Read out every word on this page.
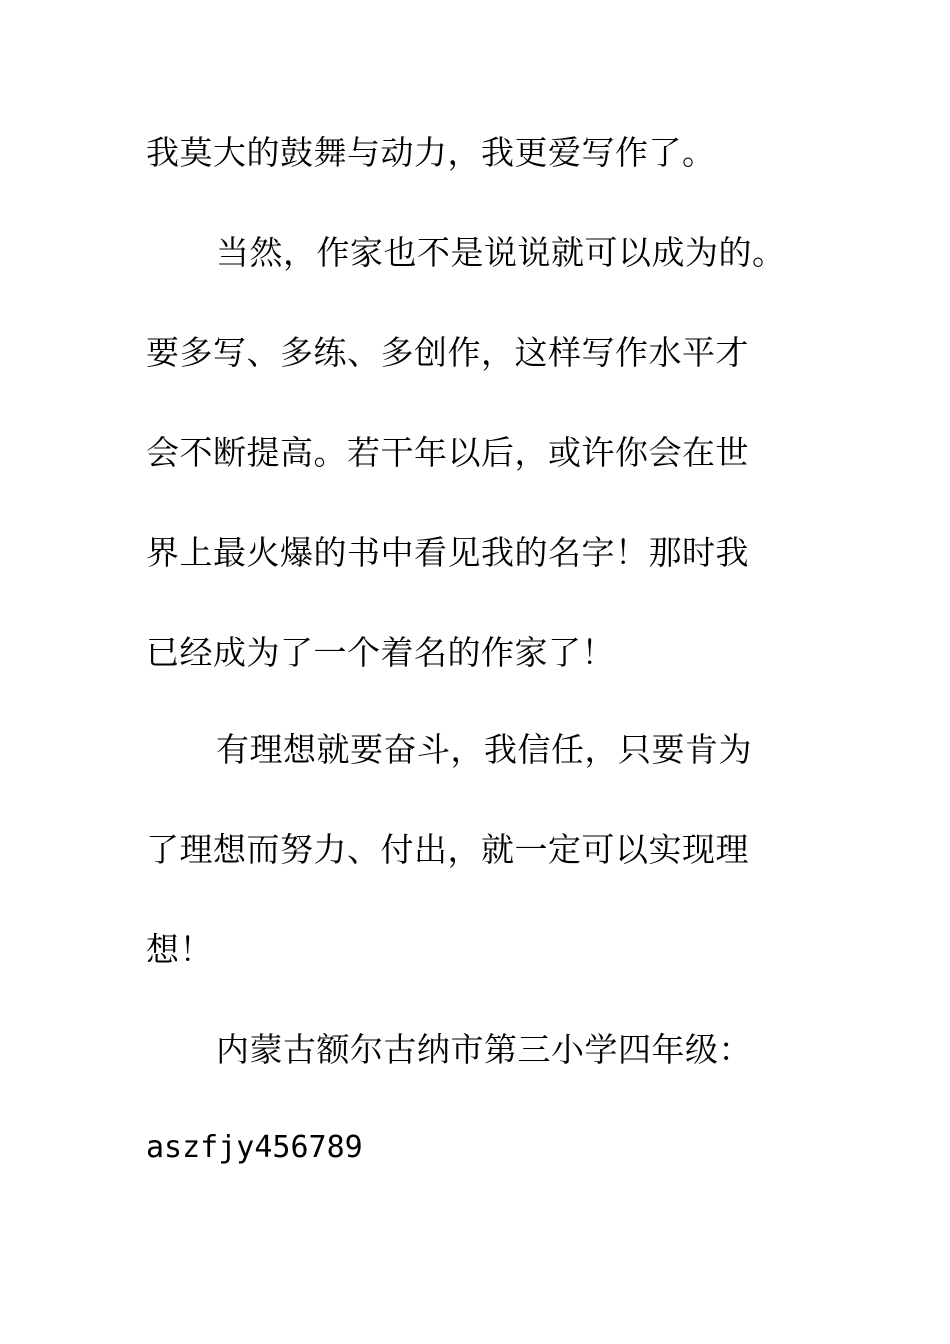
我莫大的鼓舞与动力，我更爱写作了。
当然，作家也不是说说就可以成为的。
要多写、多练、多创作，这样写作水平才
会不断提高。若干年以后，或许你会在世
界上最火爆的书中看见我的名字！那时我
已经成为了一个着名的作家了！
有理想就要奋斗，我信任，只要肯为
了理想而努力、付出，就一定可以实现理
想！
内蒙古额尔古纳市第三小学四年级：
aszfjy456789
